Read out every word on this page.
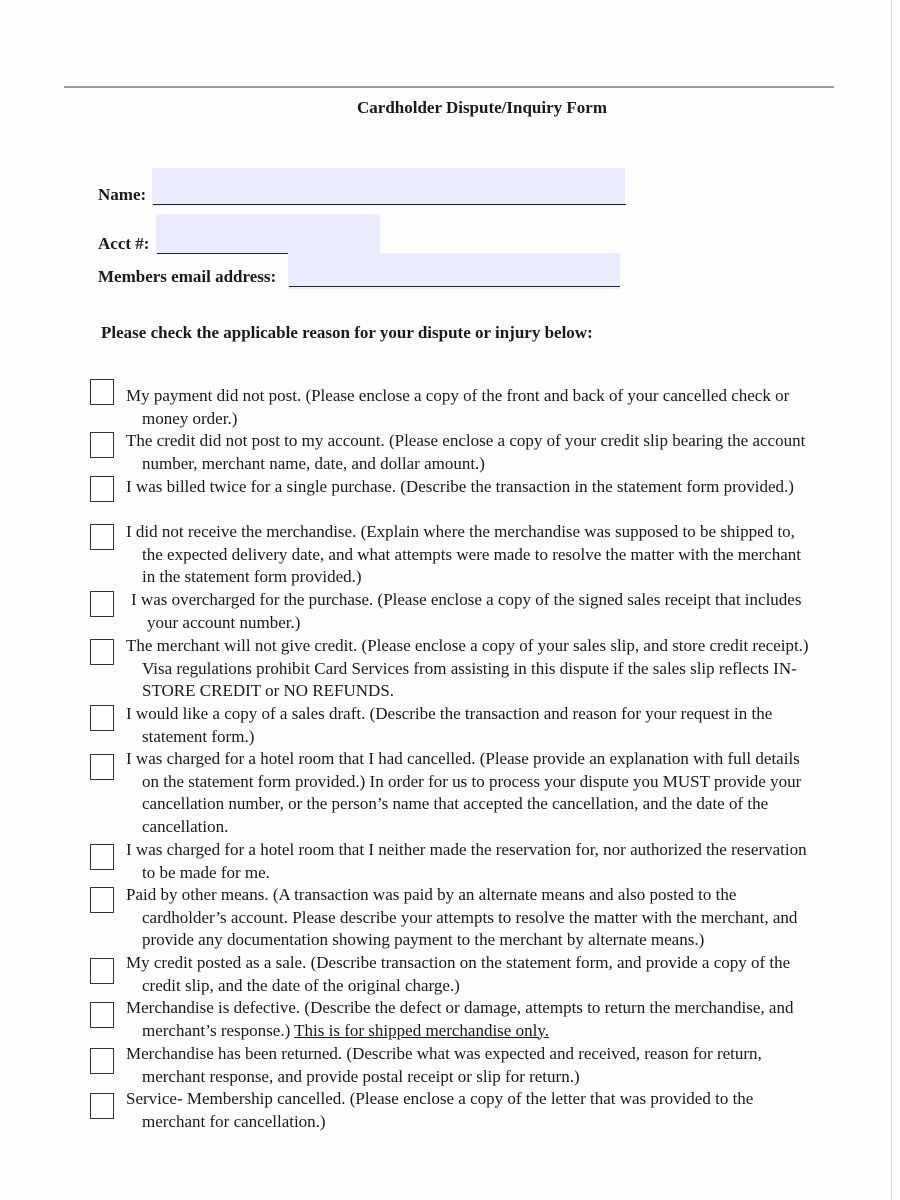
Cardholder Dispute/Inquiry Form
Name:
Acct #:
Members email address:
Please check the applicable reason for your dispute or injury below:
My payment did not post. (Please enclose a copy of the front and back of your cancelled check or money order.)
The credit did not post to my account. (Please enclose a copy of your credit slip bearing the account number, merchant name, date, and dollar amount.)
I was billed twice for a single purchase. (Describe the transaction in the statement form provided.)
I did not receive the merchandise. (Explain where the merchandise was supposed to be shipped to, the expected delivery date, and what attempts were made to resolve the matter with the merchant in the statement form provided.)
I was overcharged for the purchase. (Please enclose a copy of the signed sales receipt that includes your account number.)
The merchant will not give credit. (Please enclose a copy of your sales slip, and store credit receipt.) Visa regulations prohibit Card Services from assisting in this dispute if the sales slip reflects IN-STORE CREDIT or NO REFUNDS.
I would like a copy of a sales draft. (Describe the transaction and reason for your request in the statement form.)
I was charged for a hotel room that I had cancelled. (Please provide an explanation with full details on the statement form provided.) In order for us to process your dispute you MUST provide your cancellation number, or the person’s name that accepted the cancellation, and the date of the cancellation.
I was charged for a hotel room that I neither made the reservation for, nor authorized the reservation to be made for me.
Paid by other means. (A transaction was paid by an alternate means and also posted to the cardholder’s account. Please describe your attempts to resolve the matter with the merchant, and provide any documentation showing payment to the merchant by alternate means.)
My credit posted as a sale. (Describe transaction on the statement form, and provide a copy of the credit slip, and the date of the original charge.)
Merchandise is defective. (Describe the defect or damage, attempts to return the merchandise, and merchant’s response.) This is for shipped merchandise only.
Merchandise has been returned. (Describe what was expected and received, reason for return, merchant response, and provide postal receipt or slip for return.)
Service- Membership cancelled. (Please enclose a copy of the letter that was provided to the merchant for cancellation.)
